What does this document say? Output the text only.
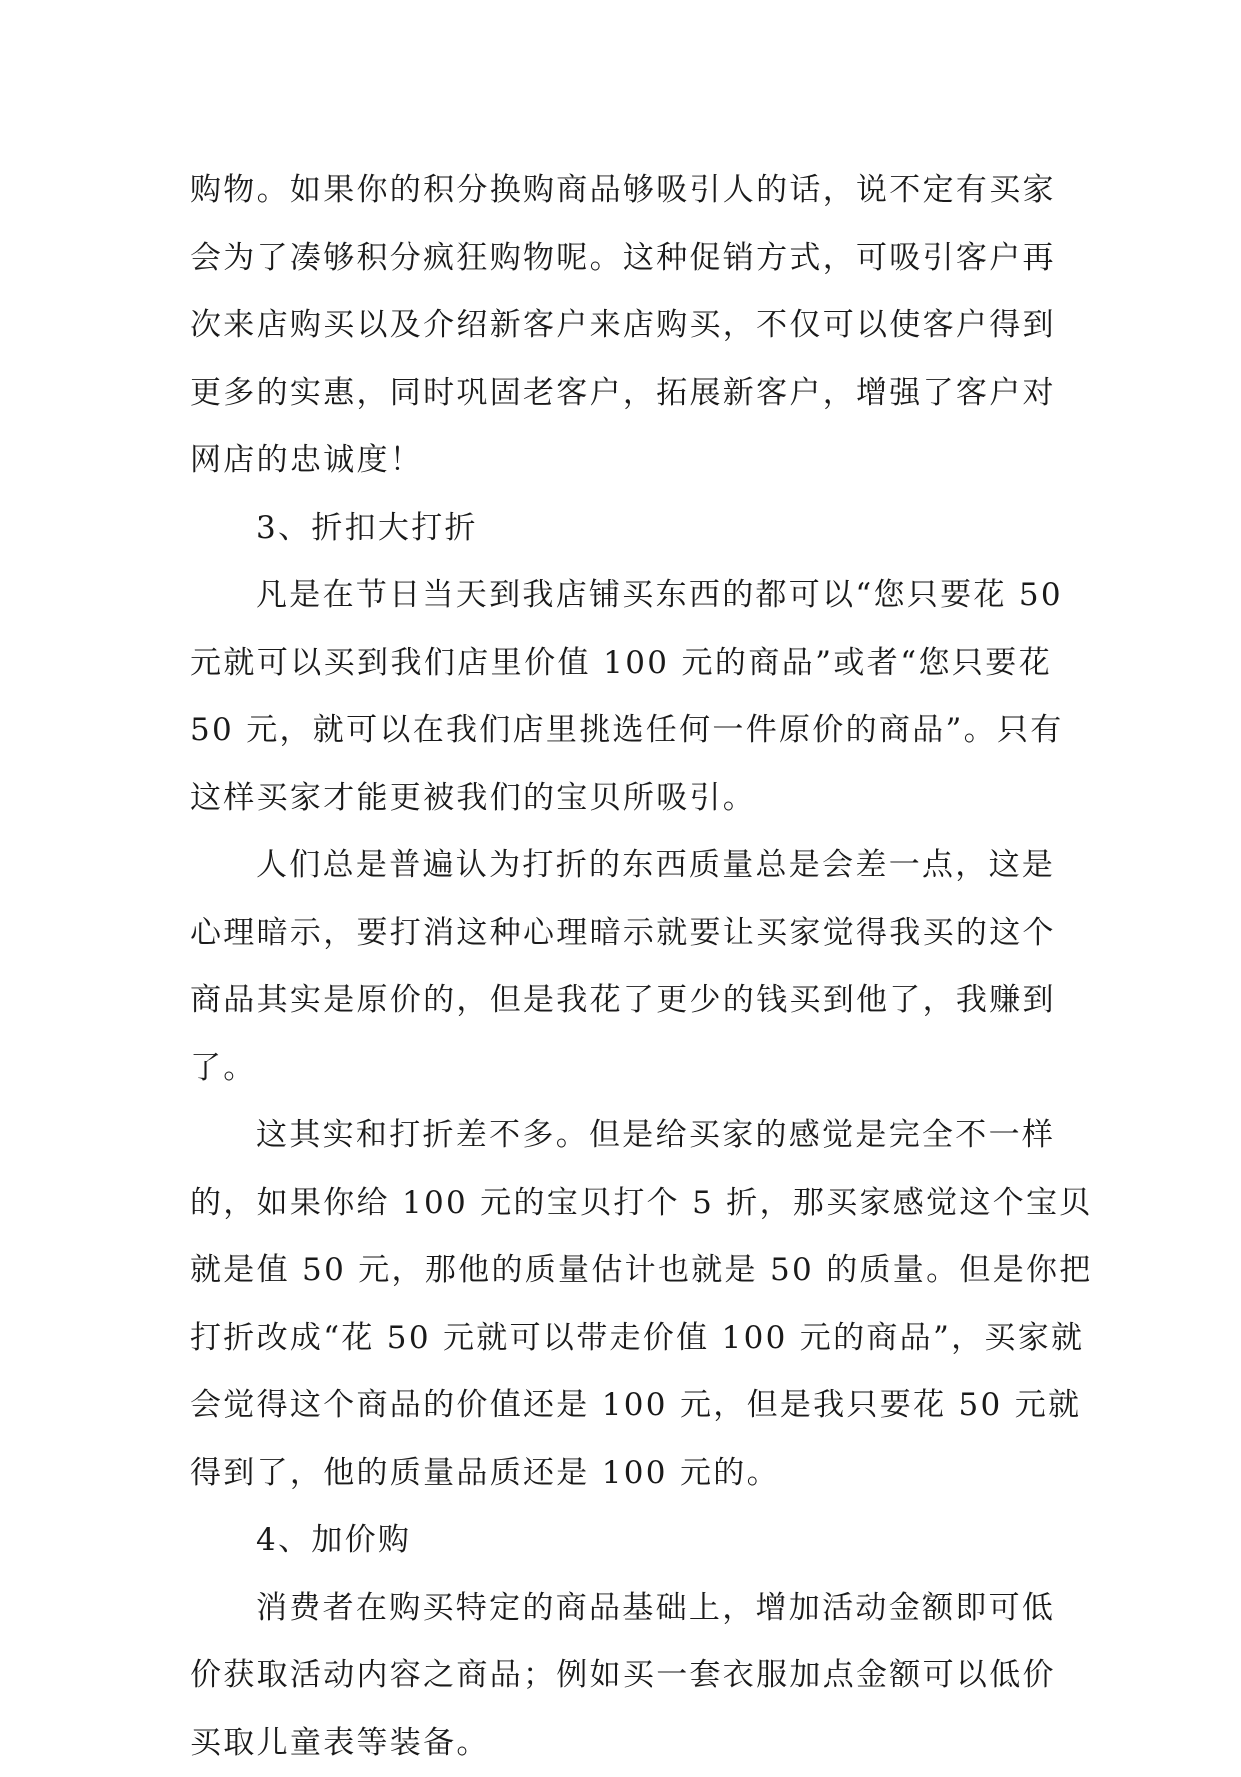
购物。如果你的积分换购商品够吸引人的话，说不定有买家
会为了凑够积分疯狂购物呢。这种促销方式，可吸引客户再
次来店购买以及介绍新客户来店购买，不仅可以使客户得到
更多的实惠，同时巩固老客户，拓展新客户，增强了客户对
网店的忠诚度！

3、折扣大打折

凡是在节日当天到我店铺买东西的都可以“您只要花 50
元就可以买到我们店里价值 100 元的商品”或者“您只要花
50 元，就可以在我们店里挑选任何一件原价的商品”。只有
这样买家才能更被我们的宝贝所吸引。

人们总是普遍认为打折的东西质量总是会差一点，这是
心理暗示，要打消这种心理暗示就要让买家觉得我买的这个
商品其实是原价的，但是我花了更少的钱买到他了，我赚到
了。

这其实和打折差不多。但是给买家的感觉是完全不一样
的，如果你给 100 元的宝贝打个 5 折，那买家感觉这个宝贝
就是值 50 元，那他的质量估计也就是 50 的质量。但是你把
打折改成“花 50 元就可以带走价值 100 元的商品”，买家就
会觉得这个商品的价值还是 100 元，但是我只要花 50 元就
得到了，他的质量品质还是 100 元的。

4、加价购

消费者在购买特定的商品基础上，增加活动金额即可低
价获取活动内容之商品；例如买一套衣服加点金额可以低价
买取儿童表等装备。
